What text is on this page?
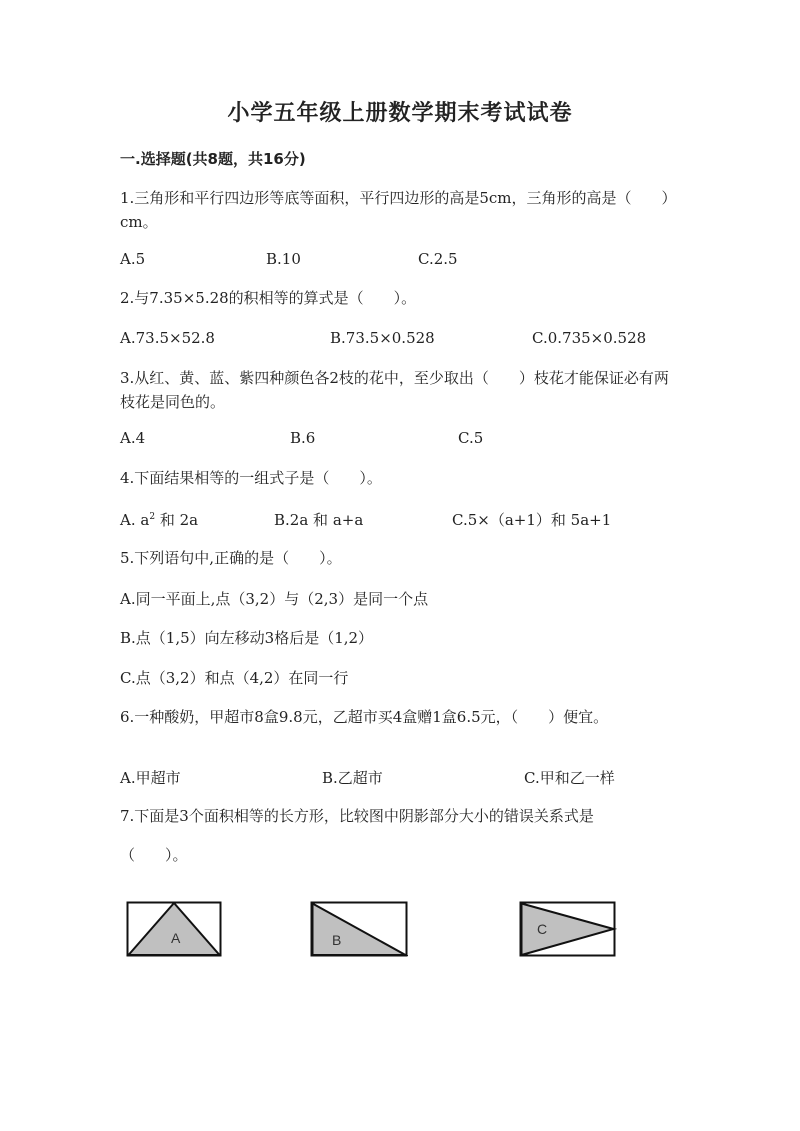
小学五年级上册数学期末考试试卷
一.选择题(共8题，共16分)
1.三角形和平行四边形等底等面积，平行四边形的高是5cm，三角形的高是（　　）cm。
A.5	B.10	C.2.5
2.与7.35×5.28的积相等的算式是（　　）。
A.73.5×52.8	B.73.5×0.528	C.0.735×0.528
3.从红、黄、蓝、紫四种颜色各2枝的花中，至少取出（　　）枝花才能保证必有两枝花是同色的。
A.4	B.6	C.5
4.下面结果相等的一组式子是（　　）。
A. $a^2$ 和 2a	B.2a 和 a+a	C.5×（a+1）和 5a+1
5.下列语句中,正确的是（　　）。
A.同一平面上,点（3,2）与（2,3）是同一个点
B.点（1,5）向左移动3格后是（1,2）
C.点（3,2）和点（4,2）在同一行
6.一种酸奶，甲超市8盒9.8元，乙超市买4盒赠1盒6.5元，（　　）便宜。
A.甲超市	B.乙超市	C.甲和乙一样
7.下面是3个面积相等的长方形，比较图中阴影部分大小的错误关系式是
（　　）。
A	B
C
